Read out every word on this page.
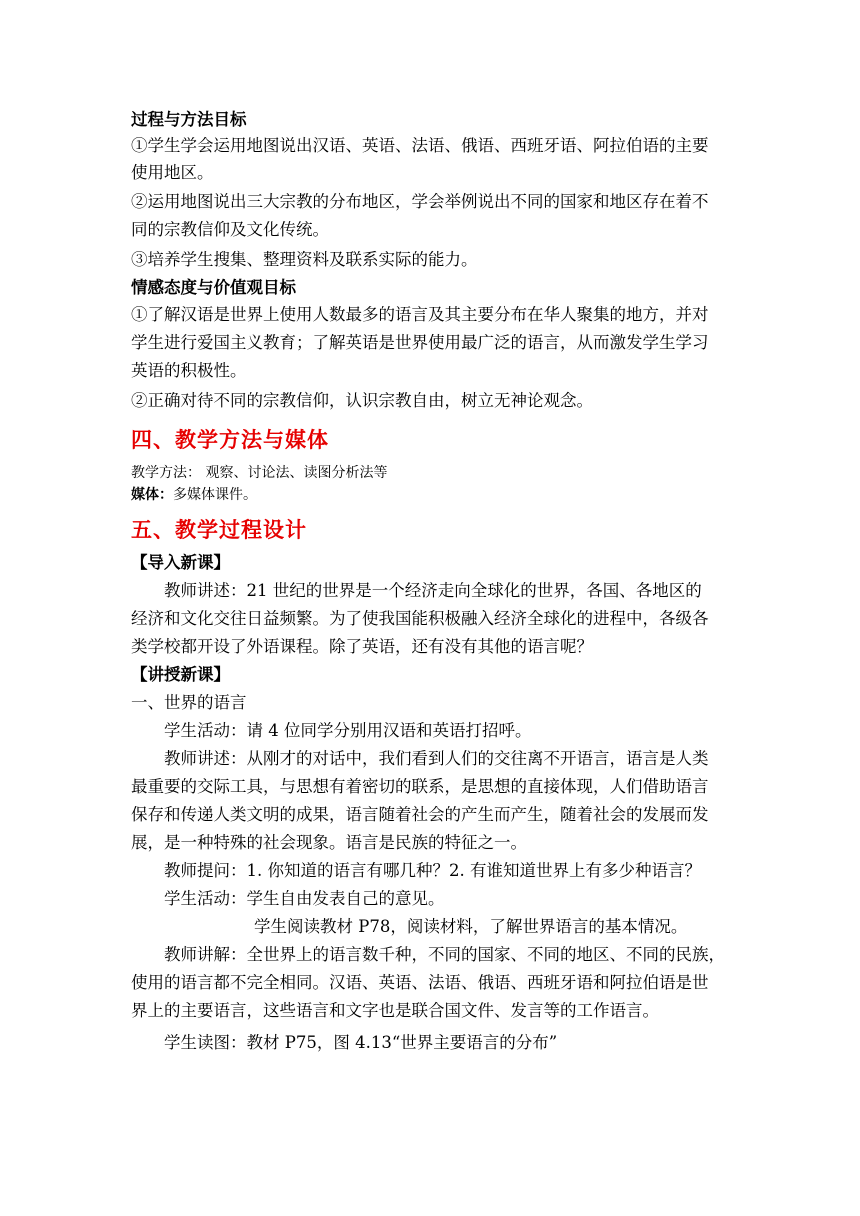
过程与方法目标
①学生学会运用地图说出汉语、英语、法语、俄语、西班牙语、阿拉伯语的主要
使用地区。
②运用地图说出三大宗教的分布地区，学会举例说出不同的国家和地区存在着不
同的宗教信仰及文化传统。
③培养学生搜集、整理资料及联系实际的能力。
情感态度与价值观目标
①了解汉语是世界上使用人数最多的语言及其主要分布在华人聚集的地方，并对
学生进行爱国主义教育；了解英语是世界使用最广泛的语言，从而激发学生学习
英语的积极性。
②正确对待不同的宗教信仰，认识宗教自由，树立无神论观念。
四、教学方法与媒体
教学方法： 观察、讨论法、读图分析法等
媒体：多媒体课件。
五、教学过程设计
【导入新课】
教师讲述：21 世纪的世界是一个经济走向全球化的世界，各国、各地区的
经济和文化交往日益频繁。为了使我国能积极融入经济全球化的进程中，各级各
类学校都开设了外语课程。除了英语，还有没有其他的语言呢？
【讲授新课】
一、世界的语言
学生活动：请 4 位同学分别用汉语和英语打招呼。
教师讲述：从刚才的对话中，我们看到人们的交往离不开语言，语言是人类
最重要的交际工具，与思想有着密切的联系，是思想的直接体现，人们借助语言
保存和传递人类文明的成果，语言随着社会的产生而产生，随着社会的发展而发
展，是一种特殊的社会现象。语言是民族的特征之一。
教师提问：1. 你知道的语言有哪几种？2. 有谁知道世界上有多少种语言？
学生活动：学生自由发表自己的意见。
学生阅读教材 P78，阅读材料，了解世界语言的基本情况。
教师讲解：全世界上的语言数千种，不同的国家、不同的地区、不同的民族，
使用的语言都不完全相同。汉语、英语、法语、俄语、西班牙语和阿拉伯语是世
界上的主要语言，这些语言和文字也是联合国文件、发言等的工作语言。
学生读图：教材 P75，图 4.13“世界主要语言的分布”
